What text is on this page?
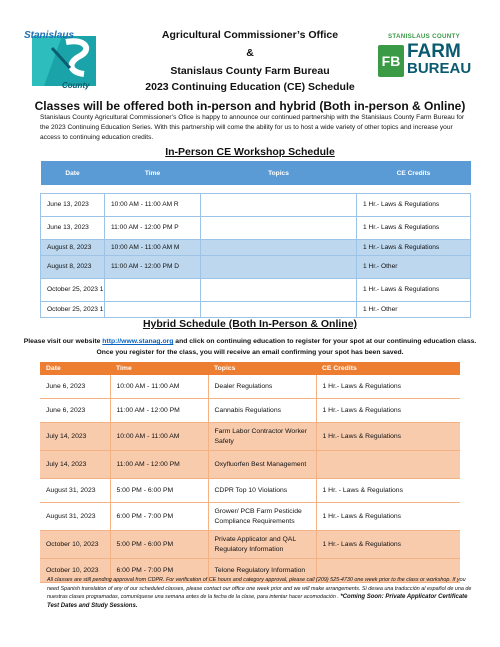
Stanislaus
County
Agricultural Commissioner’s Office
&
Stanislaus County Farm Bureau
2023 Continuing Education (CE) Schedule
STANISLAUS COUNTY
FB FARM
BUREAU
Classes will be offered both in-person and hybrid (Both in-person & Online)
Stanislaus County Agricultural Commissioner’s Ofice is happy to announce our continued partnership with the Stanislaus County Farm Bureau for the 2023 Continuing Education Series. With this partnership will come the ability for us to host a wide variety of other topics and increase your access to continuing education credits.
In-Person CE Workshop Schedule
Date	Time	Topics	CE Credits

June 13, 2023	10:00 AM - 11:00 AM R		1 Hr.- Laws & Regulations
June 13, 2023	11:00 AM - 12:00 PM P		1 Hr.- Laws & Regulations
August 8, 2023	10:00 AM - 11:00 AM M		1 Hr.- Laws & Regulations
August 8, 2023	11:00 AM - 12:00 PM D		1 Hr.- Other
October 25, 2023 1			1 Hr.- Laws & Regulations
October 25, 2023 1			1 Hr.- Other
Hybrid Schedule (Both In-Person & Online)
Please visit our website http://www.stanag.org and click on continuing education to register for your spot at our continuing education class. Once you register for the class, you will receive an email confirming your spot has been saved.
Date	Time	Topics	CE Credits
June 6, 2023	10:00 AM - 11:00 AM	Dealer Regulations	1 Hr.- Laws & Regulations
June 6, 2023	11:00 AM - 12:00 PM	Cannabis Regulations	1 Hr.- Laws & Regulations
July 14, 2023	10:00 AM - 11:00 AM	Farm Labor Contractor Worker Safety	1 Hr.- Laws & Regulations
July 14, 2023	11:00 AM - 12:00 PM	Oxyfluorfen Best Management	
August 31, 2023	5:00 PM - 6:00 PM	CDPR Top 10 Violations	1 Hr. - Laws & Regulations
August 31, 2023	6:00 PM - 7:00 PM	Grower/ PCB Farm Pesticide Compliance Requirements	1 Hr.- Laws & Regulations
October 10, 2023	5:00 PM - 6:00 PM	Private Applicator and QAL Regulatory Information	1 Hr.- Laws & Regulations
October 10, 2023	6:00 PM - 7:00 PM	Telone Regulatory Information	
All classes are still pending approval from CDPR. For verification of CE hours and category approval, please call (209) 525-4730 one week prior to the class or workshop. If you need Spanish translation of any of our scheduled classes, please contact our office one week prior and we will make arrangements. Si desea una traducción al español de una de nuestras clases programadas, comuníquese una semana antes de la fecha de la clase, para intentar hacer acomodación . *Coming Soon: Private Applicator Certificate Test Dates and Study Sessions.
